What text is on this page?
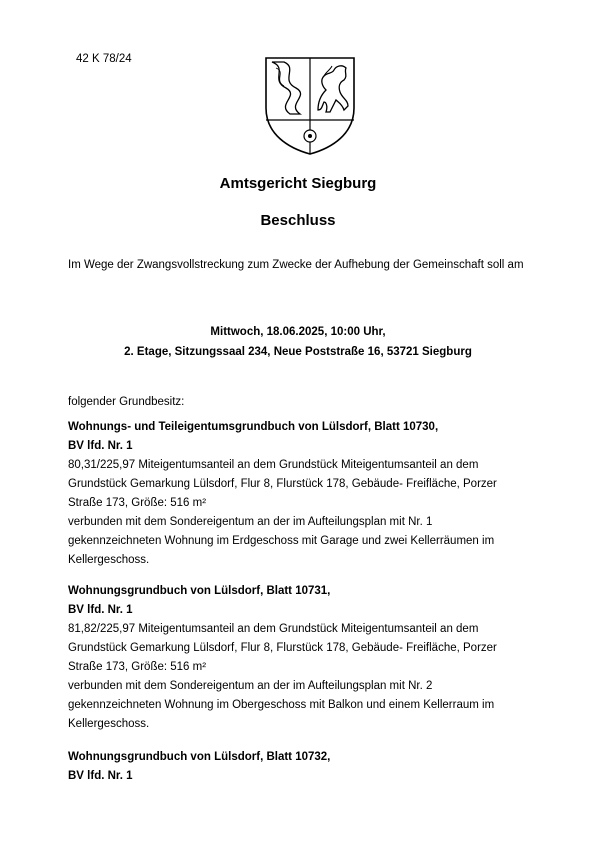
42 K 78/24
Amtsgericht Siegburg
Beschluss
Im Wege der Zwangsvollstreckung zum Zwecke der Aufhebung der Gemeinschaft soll am
Mittwoch, 18.06.2025, 10:00 Uhr,
2. Etage, Sitzungssaal 234, Neue Poststraße 16, 53721 Siegburg
folgender Grundbesitz:
Wohnungs- und Teileigentumsgrundbuch von Lülsdorf, Blatt 10730,
BV lfd. Nr. 1
80,31/225,97 Miteigentumsanteil an dem Grundstück Miteigentumsanteil an dem Grundstück Gemarkung Lülsdorf, Flur 8, Flurstück 178, Gebäude- Freifläche, Porzer Straße 173, Größe: 516 m²
verbunden mit dem Sondereigentum an der im Aufteilungsplan mit Nr. 1 gekennzeichneten Wohnung im Erdgeschoss mit Garage und zwei Kellerräumen im Kellergeschoss.
Wohnungsgrundbuch von Lülsdorf, Blatt 10731,
BV lfd. Nr. 1
81,82/225,97 Miteigentumsanteil an dem Grundstück Miteigentumsanteil an dem Grundstück Gemarkung Lülsdorf, Flur 8, Flurstück 178, Gebäude- Freifläche, Porzer Straße 173, Größe: 516 m²
verbunden mit dem Sondereigentum an der im Aufteilungsplan mit Nr. 2 gekennzeichneten Wohnung im Obergeschoss mit Balkon und einem Kellerraum im Kellergeschoss.
Wohnungsgrundbuch von Lülsdorf, Blatt 10732,
BV lfd. Nr. 1
